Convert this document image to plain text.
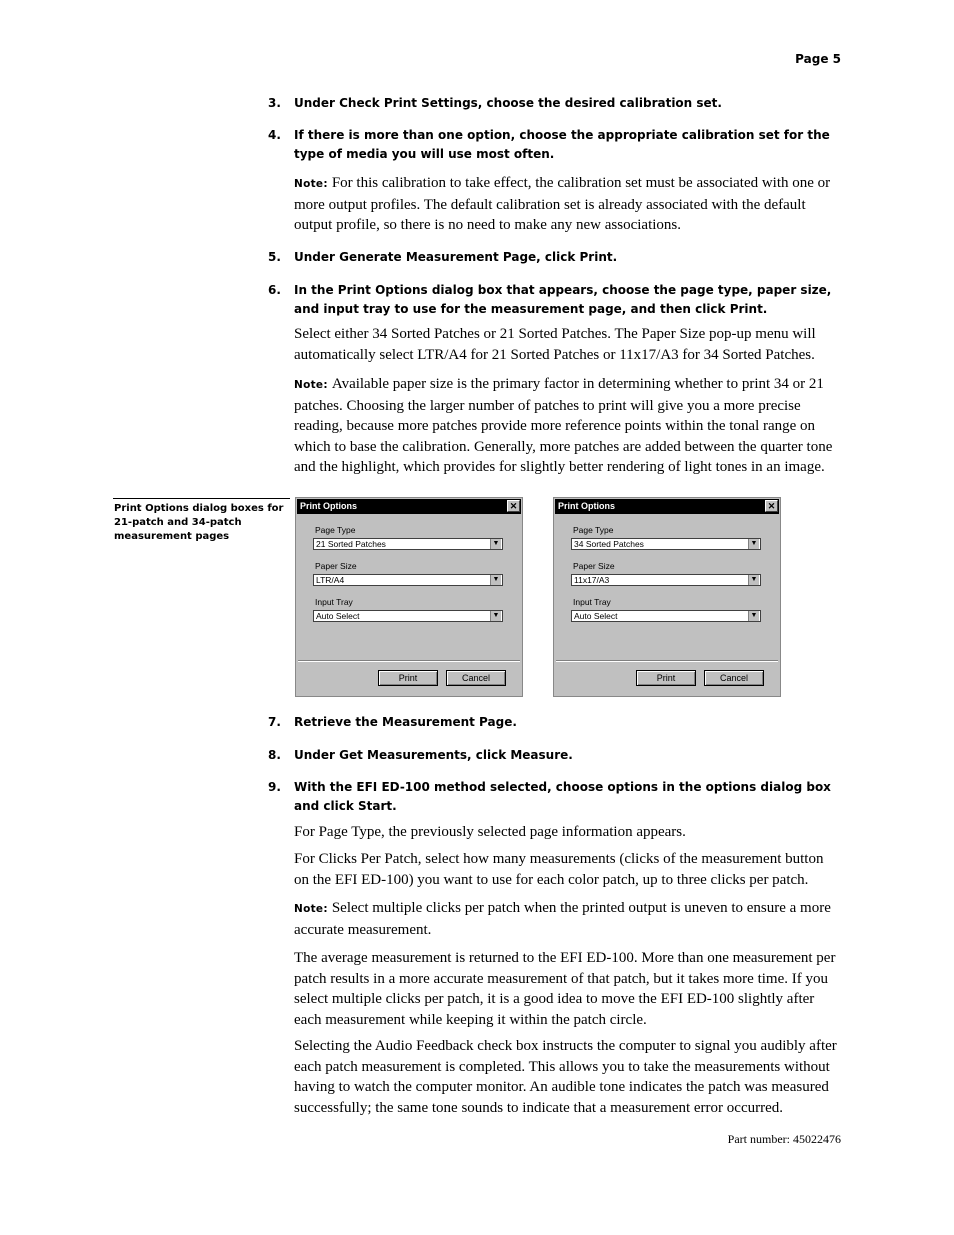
Page 5
3.	Under Check Print Settings, choose the desired calibration set.
4.	If there is more than one option, choose the appropriate calibration set for the type of media you will use most often.
Note: For this calibration to take effect, the calibration set must be associated with one or more output profiles. The default calibration set is already associated with the default output profile, so there is no need to make any new associations.
5.	Under Generate Measurement Page, click Print.
6.	In the Print Options dialog box that appears, choose the page type, paper size, and input tray to use for the measurement page, and then click Print.
Select either 34 Sorted Patches or 21 Sorted Patches. The Paper Size pop-up menu will automatically select LTR/A4 for 21 Sorted Patches or 11x17/A3 for 34 Sorted Patches.
Note: Available paper size is the primary factor in determining whether to print 34 or 21 patches. Choosing the larger number of patches to print will give you a more precise reading, because more patches provide more reference points within the tonal range on which to base the calibration. Generally, more patches are added between the quarter tone and the highlight, which provides for slightly better rendering of light tones in an image.
Print Options dialog boxes for 21-patch and 34-patch measurement pages
Print Options	✕
Page Type
21 Sorted Patches	▼
Paper Size
LTR/A4	▼
Input Tray
Auto Select	▼
Print	Cancel
Print Options	✕
Page Type
34 Sorted Patches	▼
Paper Size
11x17/A3	▼
Input Tray
Auto Select	▼
Print	Cancel
7.	Retrieve the Measurement Page.
8.	Under Get Measurements, click Measure.
9.	With the EFI ED-100 method selected, choose options in the options dialog box and click Start.
For Page Type, the previously selected page information appears.
For Clicks Per Patch, select how many measurements (clicks of the measurement button on the EFI ED-100) you want to use for each color patch, up to three clicks per patch.
Note: Select multiple clicks per patch when the printed output is uneven to ensure a more accurate measurement.
The average measurement is returned to the EFI ED-100. More than one measurement per patch results in a more accurate measurement of that patch, but it takes more time. If you select multiple clicks per patch, it is a good idea to move the EFI ED-100 slightly after each measurement while keeping it within the patch circle.
Selecting the Audio Feedback check box instructs the computer to signal you audibly after each patch measurement is completed. This allows you to take the measurements without having to watch the computer monitor. An audible tone indicates the patch was measured successfully; the same tone sounds to indicate that a measurement error occurred.
Part number: 45022476
